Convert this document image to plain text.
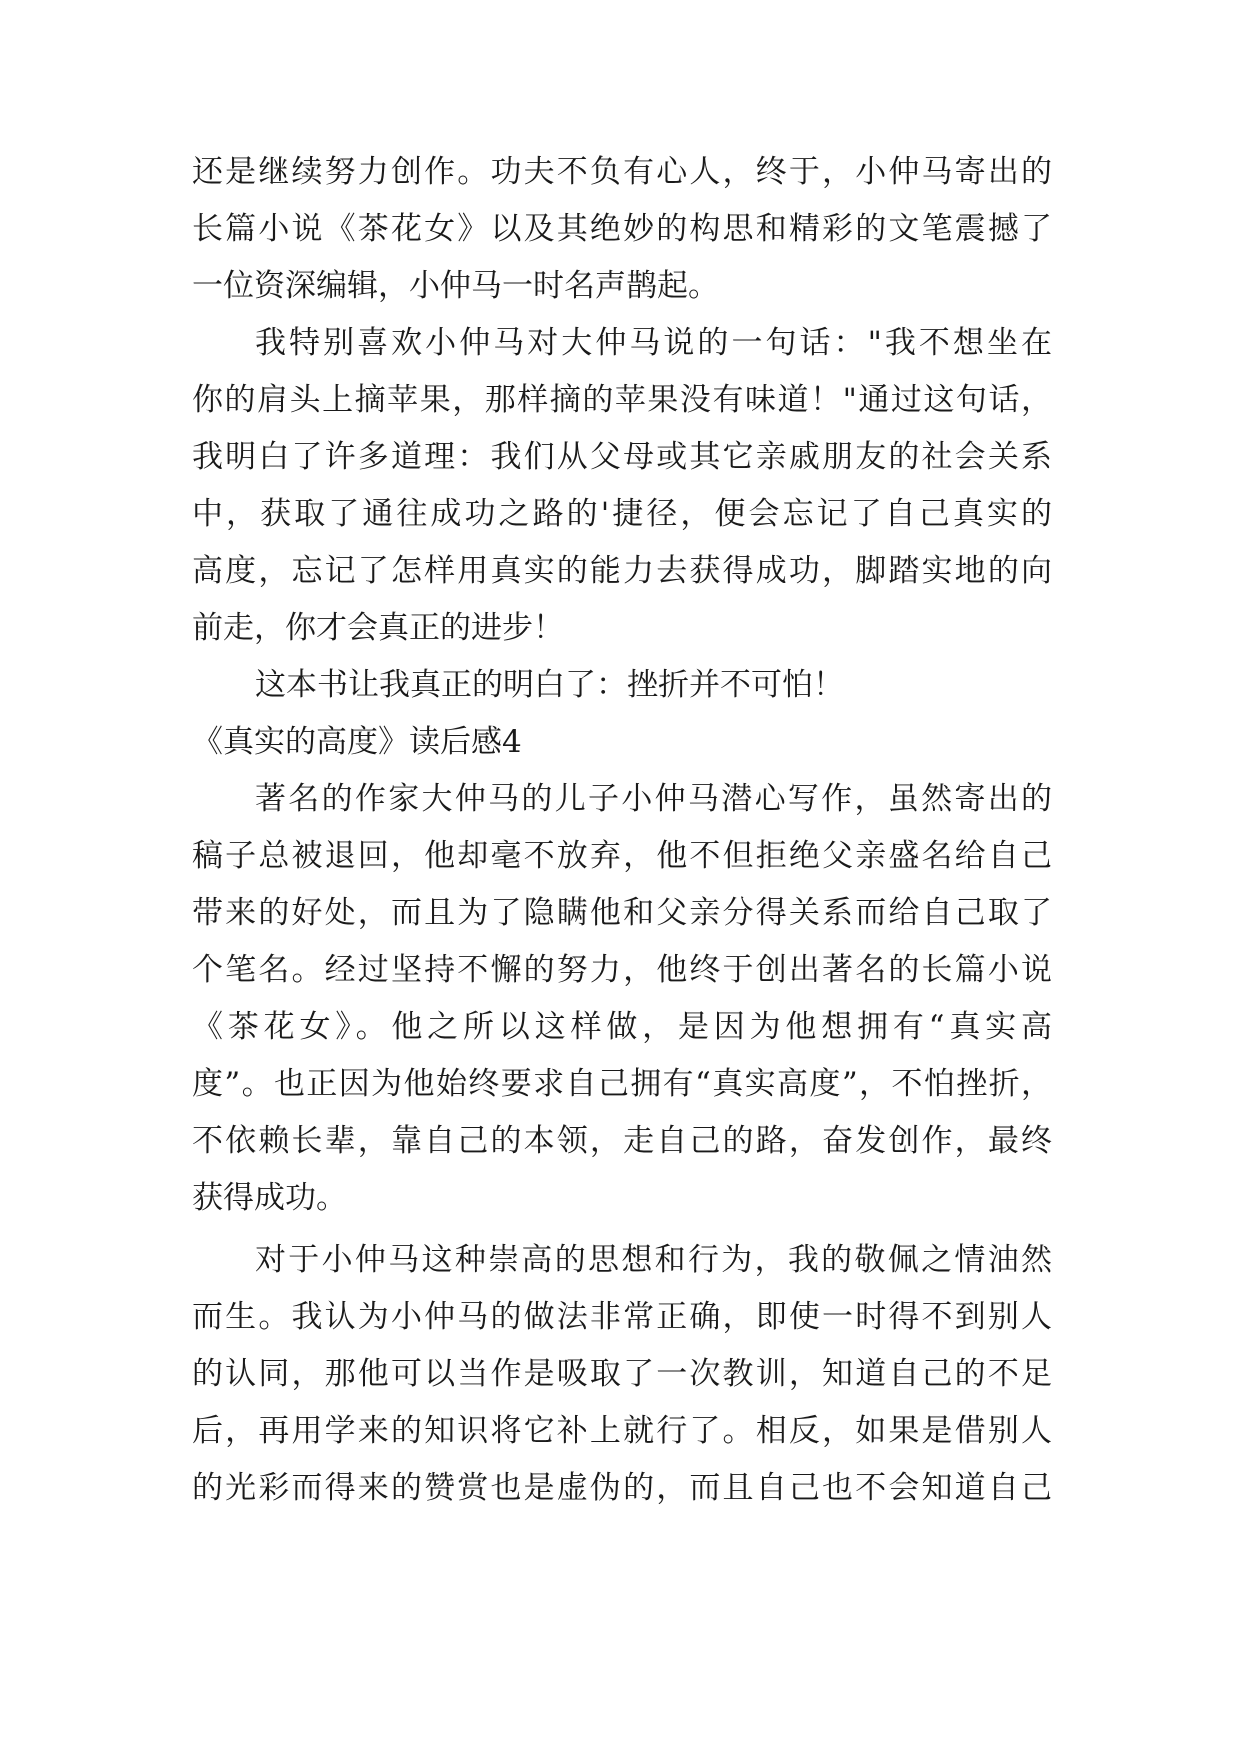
还是继续努力创作。功夫不负有心人，终于，小仲马寄出的

长篇小说《茶花女》以及其绝妙的构思和精彩的文笔震撼了

一位资深编辑，小仲马一时名声鹊起。

我特别喜欢小仲马对大仲马说的一句话："我不想坐在

你的肩头上摘苹果，那样摘的苹果没有味道！"通过这句话，

我明白了许多道理：我们从父母或其它亲戚朋友的社会关系

中，获取了通往成功之路的'捷径，便会忘记了自己真实的

高度，忘记了怎样用真实的能力去获得成功，脚踏实地的向

前走，你才会真正的进步！

这本书让我真正的明白了：挫折并不可怕！

《真实的高度》读后感4

著名的作家大仲马的儿子小仲马潜心写作，虽然寄出的

稿子总被退回，他却毫不放弃，他不但拒绝父亲盛名给自己

带来的好处，而且为了隐瞒他和父亲分得关系而给自己取了

个笔名。经过坚持不懈的努力，他终于创出著名的长篇小说

《茶花女》。他之所以这样做，是因为他想拥有“真实高

度”。也正因为他始终要求自己拥有“真实高度”，不怕挫折，

不依赖长辈，靠自己的本领，走自己的路，奋发创作，最终

获得成功。

对于小仲马这种崇高的思想和行为，我的敬佩之情油然

而生。我认为小仲马的做法非常正确，即使一时得不到别人

的认同，那他可以当作是吸取了一次教训，知道自己的不足

后，再用学来的知识将它补上就行了。相反，如果是借别人

的光彩而得来的赞赏也是虚伪的，而且自己也不会知道自己
